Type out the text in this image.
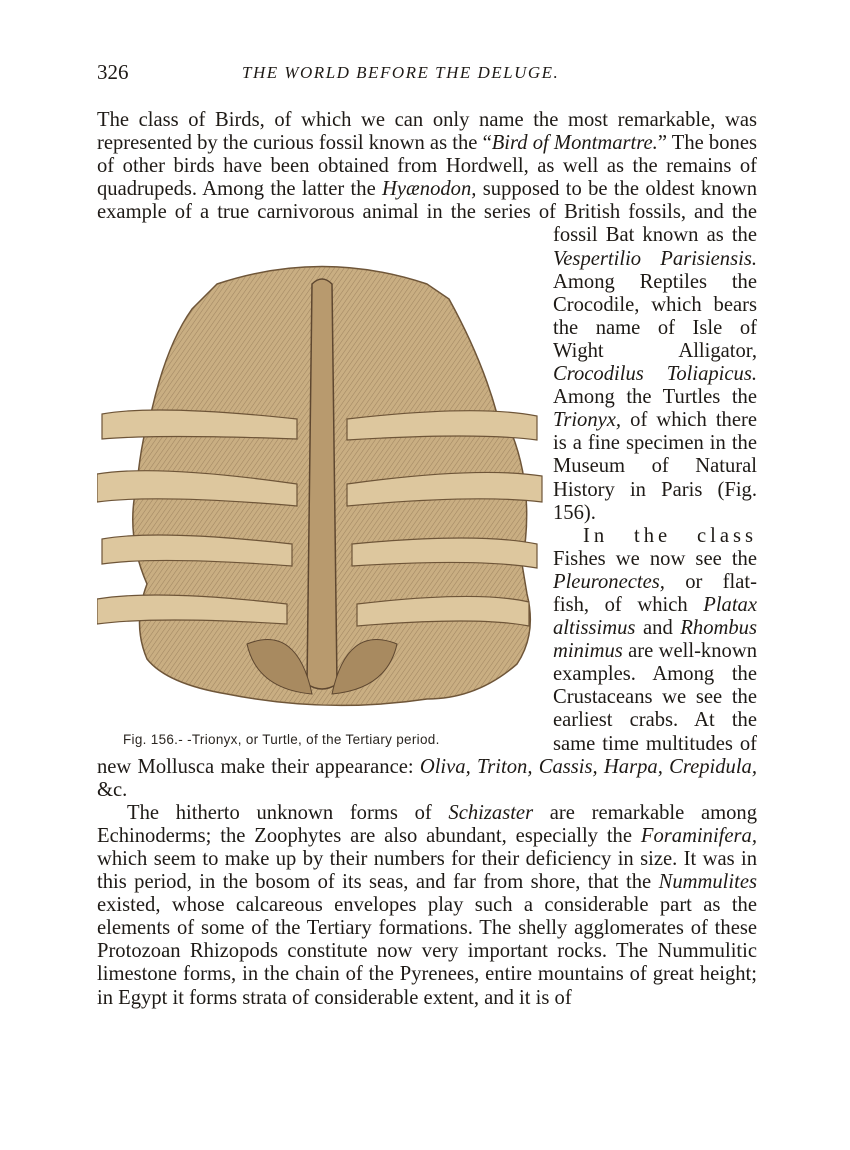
326	THE WORLD BEFORE THE DELUGE.

The class of Birds, of which we can only name the most remarkable, was represented by the curious fossil known as the “Bird of Montmartre.” The bones of other birds have been obtained from Hordwell, as well as the remains of quadrupeds. Among the latter the Hyænodon, supposed to be the oldest known example of a true carnivorous animal in the series of British fossils, and the fossil Bat known as the
Fig. 156.- -Trionyx, or Turtle, of the Tertiary period.
Vespertilio Parisiensis. Among Reptiles the Crocodile, which bears the name of Isle of Wight Alligator, Crocodilus Toliapicus. Among the Turtles the Trionyx, of which there is a fine specimen in the Museum of Natural History in Paris (Fig. 156).

In the class Fishes we now see the Pleuronectes, or flat-fish, of which Platax altissimus and Rhombus minimus are well-known examples. Among the Crustaceans we see the earliest crabs. At the same time multitudes of new Mollusca make their appearance: Oliva, Triton, Cassis, Harpa, Crepidula, &c.

The hitherto unknown forms of Schizaster are remarkable among Echinoderms; the Zoophytes are also abundant, especially the Foraminifera, which seem to make up by their numbers for their deficiency in size. It was in this period, in the bosom of its seas, and far from shore, that the Nummulites existed, whose calcareous envelopes play such a considerable part as the elements of some of the Tertiary formations. The shelly agglomerates of these Protozoan Rhizopods constitute now very important rocks. The Nummulitic limestone forms, in the chain of the Pyrenees, entire mountains of great height; in Egypt it forms strata of considerable extent, and it is of
